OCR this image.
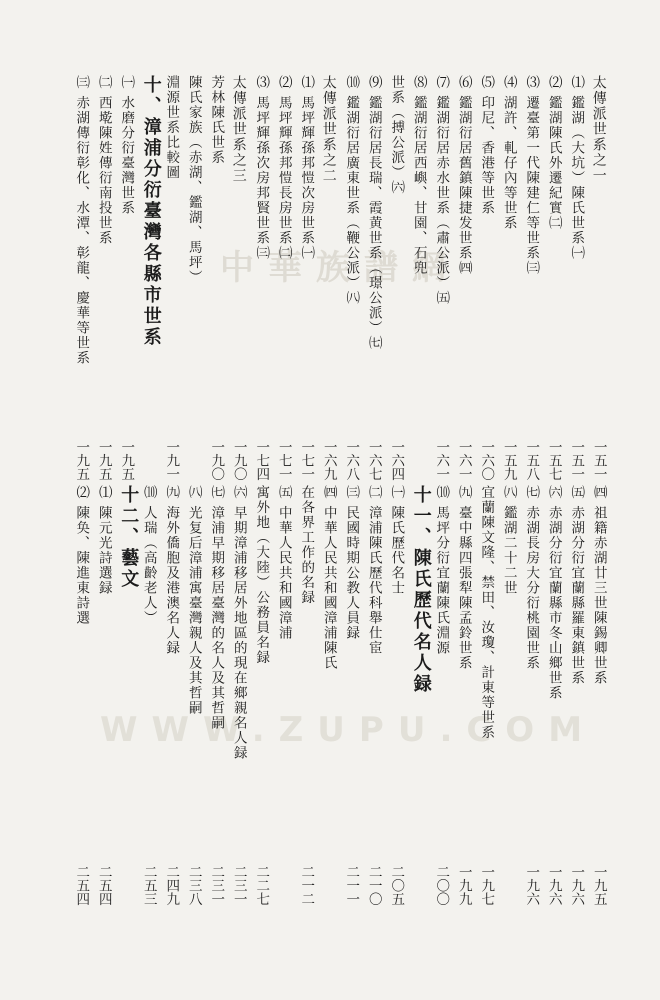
中華族譜網
WWW.ZUPU.COM
太傳派世系之一
一五一
⑴ 鑑湖（大坑）陳氏世系㈠
一五一
⑵ 鑑湖陳氏外遷紀實㈡
一五七
⑶ 遷臺第一代陳建仁等世系㈢
一五八
⑷ 湖許、軋仔內等世系
一五九
⑸ 印尼、香港等世系
一六〇
⑹ 鑑湖衍居舊鎮陳捷发世系㈣
一六一
⑺ 鑑湖衍居赤水世系（肅公派）㈤
一六一
⑻ 鑑湖衍居西嶼、甘園、石兜
世系（搏公派）㈥
一六四
⑼ 鑑湖衍居長瑞、霞黄世系（璟公派）㈦
一六七
⑽ 鑑湖衍居廣東世系（鞭公派）㈧
一六八
太傳派世系之二
一六九
⑴ 馬坪輝孫邦愷次房世系㈠
一七一
⑵ 馬坪輝孫邦愷長房世系㈡
一七一
⑶ 馬坪輝孫次房邦賢世系㈢
一七四
太傳派世系之三
一九〇
芳林陳氏世系
一九〇
陳氏家族（赤湖、鑑湖、馬坪）
淵源世系比較圖
一九一
十、漳浦分衍臺灣各縣市世系
㈠ 水磨分衍臺灣世系
一九五
㈡ 西墘陳姓傳衍南投世系
一九五
㈢ 赤湖傳衍彰化、水潭、彰龍、慶華等世系
一九五
㈣ 祖籍赤湖廿三世陳錫卿世系
一九五
㈤ 赤湖分衍宜蘭縣羅東鎮世系
一九六
㈥ 赤湖分衍宜蘭縣市冬山鄉世系
一九六
㈦ 赤湖長房大分衍桃園世系
一九六
㈧ 鑑湖二十二世
宜蘭陳文隆、禁田、汝瓊、計東等世系
一九七
㈨ 臺中縣四張犁陳孟鈴世系
一九九
⑽ 馬坪分衍宜蘭陳氏淵源
二〇〇
十一、陳氏歷代名人録
㈠ 陳氏歷代名士
二〇五
㈡ 漳浦陳氏歷代科舉仕宦
二一〇
㈢ 民國時期公教人員録
二一一
㈣ 中華人民共和國漳浦陳氏
在各界工作的名録
二一二
㈤ 中華人民共和國漳浦
寓外地（大陸）公務員名録
二二七
㈥ 早期漳浦移居外地區的現在鄉親名人録
二三一
㈦ 漳浦早期移居臺灣的名人及其哲嗣
二三一
㈧ 光复后漳浦寓臺灣親人及其哲嗣
二三八
㈨ 海外僑胞及港澳名人録
二四九
⑽ 人瑞（高齡老人）
二五三
十二、藝文
⑴ 陳元光詩選録
二五四
⑵ 陳奂、陳進東詩選
二五四
